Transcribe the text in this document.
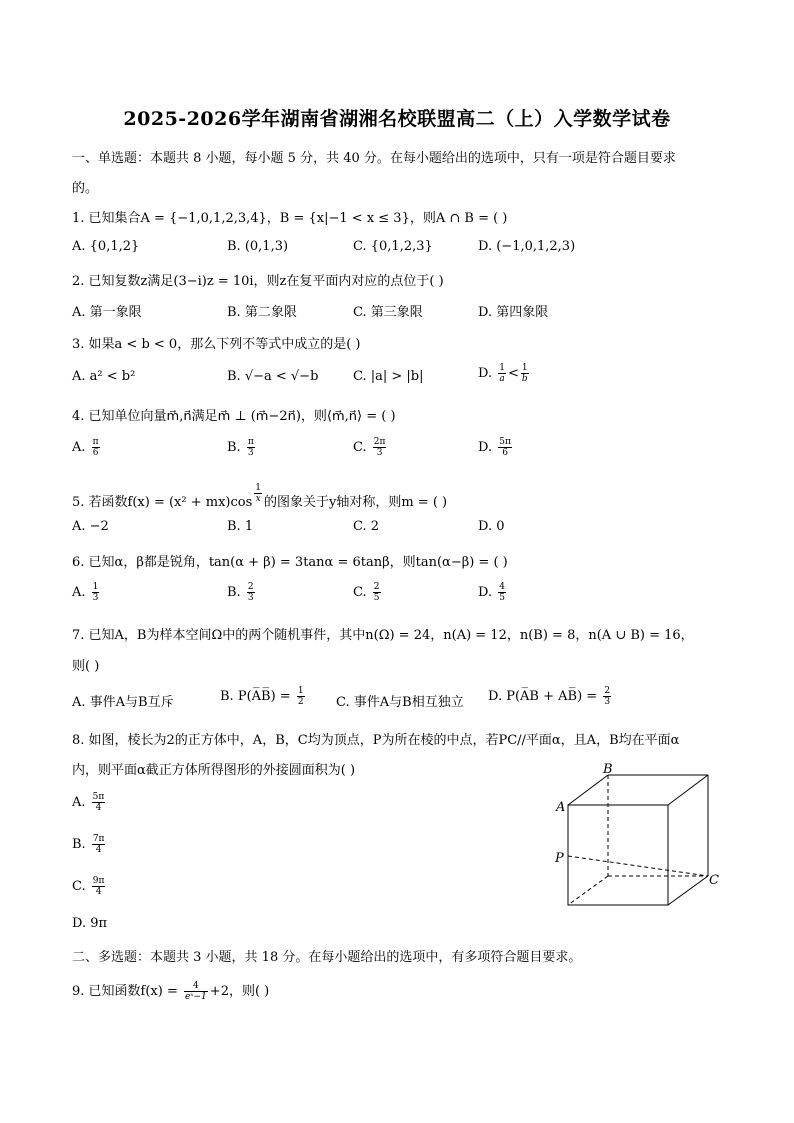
2025-2026学年湖南省湖湘名校联盟高二（上）入学数学试卷
一、单选题：本题共 8 小题，每小题 5 分，共 40 分。在每小题给出的选项中，只有一项是符合题目要求
的。
1. 已知集合A = {−1,0,1,2,3,4}，B = {x|−1 < x ≤ 3}，则A ∩ B = ( )
A. {0,1,2}	B. (0,1,3)	C. {0,1,2,3}	D. (−1,0,1,2,3)
2. 已知复数z满足(3−i)z = 10i，则z在复平面内对应的点位于( )
A. 第一象限	B. 第二象限	C. 第三象限	D. 第四象限
3. 如果a < b < 0，那么下列不等式中成立的是( )
A. a² < b²	B. √−a < √−b	C. |a| > |b|	D. $\frac{1}{a} < \frac{1}{b}$
4. 已知单位向量m⃗,n⃗满足m⃗ ⊥ (m⃗−2n⃗)，则⟨m⃗,n⃗⟩ = ( )
A. $\frac{\pi}{6}$	B. $\frac{\pi}{3}$	C. $\frac{2\pi}{3}$	D. $\frac{5\pi}{6}$
5. 若函数$f(x) = (x^2 + mx)\cos \frac{1}{x}$ 的图象关于y轴对称，则m = ( )
A. −2	B. 1	C. 2	D. 0
6. 已知α，β都是锐角，tan(α + β) = 3tanα = 6tanβ，则tan(α−β) = ( )
A. $\frac{1}{3}$	B. $\frac{2}{3}$	C. $\frac{2}{5}$	D. $\frac{4}{5}$
7. 已知A，B为样本空间Ω中的两个随机事件，其中n(Ω) = 24，n(A) = 12，n(B) = 8，n(A ∪ B) = 16，
则( )
A. 事件A与B互斥	B. P(A̅B̅) = $\frac{1}{2} C$. 事件A与B相互独立 D. P(A̅B + AB̅) = $\frac{2}{3}$
8. 如图，棱长为2的正方体中，A，B，C均为顶点，P为所在棱的中点，若PC//平面α，且A，B均在平面α
内，则平面α截正方体所得图形的外接圆面积为( )
A. $\frac{5\pi}{4}$
B. $\frac{7\pi}{4}$
C. $\frac{9\pi}{4}$
D. 9π
B
A
P
C
二、多选题：本题共 3 小题，共 18 分。在每小题给出的选项中，有多项符合题目要求。
9. 已知函数$f(x) = \frac{4}{\text{eˣ−1}} +2$，则( )
